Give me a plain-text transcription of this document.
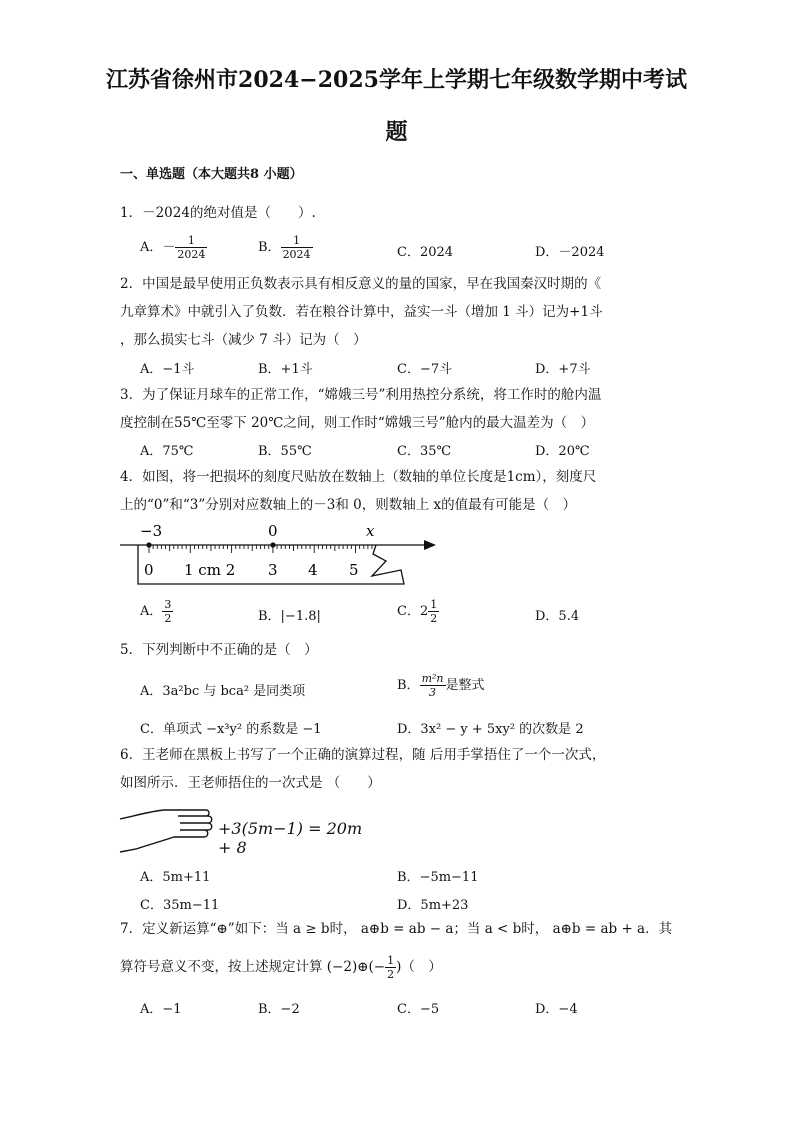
江苏省徐州市2024−2025学年上学期七年级数学期中考试
题
一、单选题（本大题共8 小题）
1．－2024的绝对值是（　　）.
A．－ $\frac{1}{2024}$	B． $\frac{1}{2024}$	C．2024	D．－2024
2．中国是最早使用正负数表示具有相反意义的量的国家，早在我国秦汉时期的《
九章算术》中就引入了负数．若在粮谷计算中，益实一斗（增加 1 斗）记为+1斗
，那么损实七斗（减少 7 斗）记为（　）
A．−1斗	B．+1斗	C．−7斗	D．+7斗
3．为了保证月球车的正常工作，“嫦娥三号”利用热控分系统，将工作时的舱内温
度控制在55℃至零下 20℃之间，则工作时“嫦娥三号”舱内的最大温差为（　）
A．75℃	B．55℃	C．35℃	D．20℃
4．如图，将一把损坏的刻度尺贴放在数轴上（数轴的单位长度是1cm），刻度尺
上的“0”和“3”分别对应数轴上的－3和 0，则数轴上 x的值最有可能是（　）
−3	0	x
0 1 cm 2 3 4 5
A． $\frac{3}{2}$	B．|−1.8|	C．$2 \frac{1}{2}$	D．5.4
5．下列判断中不正确的是（　）
A．3a²bc 与 bca² 是同类项	B． $\frac{\text{m²n}}{3}$ 是整式
C．单项式 −x³y² 的系数是 −1	D．3x² − y + 5xy² 的次数是 2
6．王老师在黑板上书写了一个正确的演算过程，随 后用手掌捂住了一个一次式，
如图所示．王老师捂住的一次式是 （　　）
+3(5m−1) = 20m + 8
A．5m+11	B．−5m−11
C．35m−11	D．5m+23
7．定义新运算“⊕”如下：当 a ≥ b时， a⊕b = ab − a；当 a < b时， a⊕b = ab + a．其
算符号意义不变，按上述规定计算 (−2)⊕(− $\frac{1}{2}$ )（　）
A．−1	B．−2	C．−5	D．−4
